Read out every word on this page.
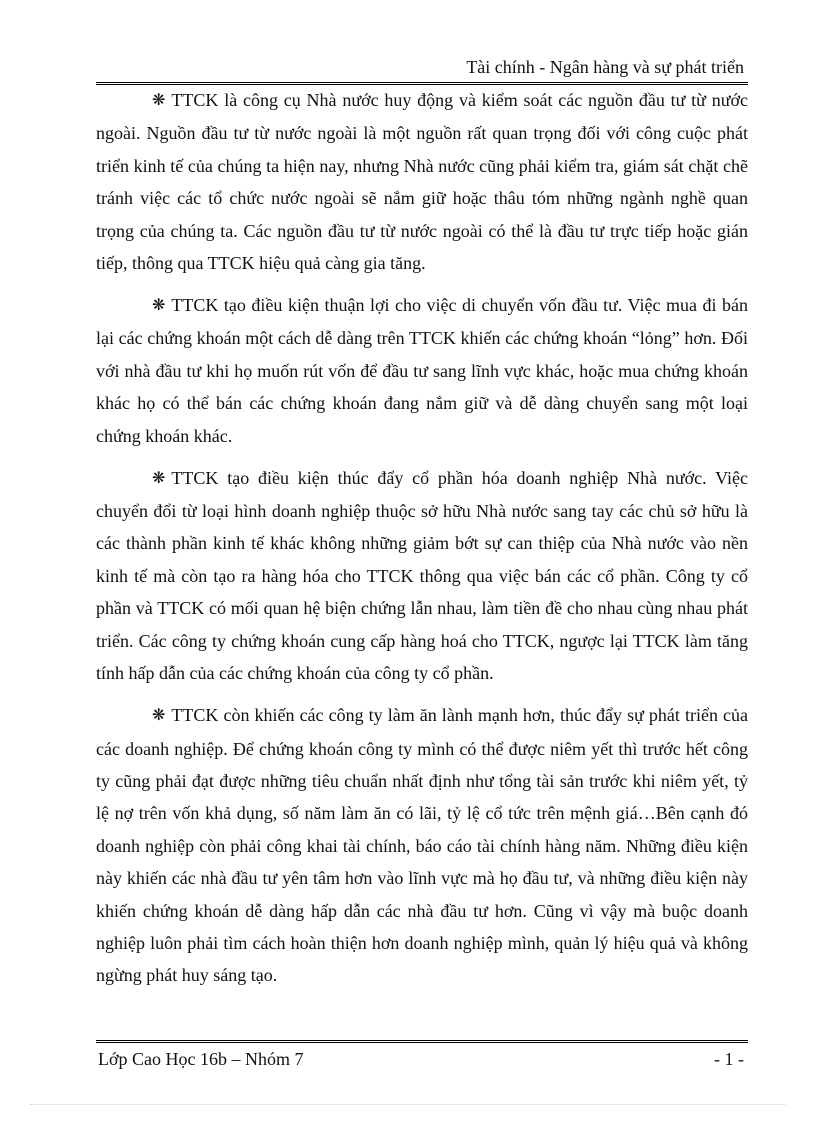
Tài chính - Ngân hàng và sự phát triển

❋ TTCK là công cụ Nhà nước huy động và kiểm soát các nguồn đầu tư từ nước ngoài. Nguồn đầu tư từ nước ngoài là một nguồn rất quan trọng đối với công cuộc phát triển kinh tế của chúng ta hiện nay, nhưng Nhà nước cũng phải kiểm tra, giám sát chặt chẽ tránh việc các tổ chức nước ngoài sẽ nắm giữ hoặc thâu tóm những ngành nghề quan trọng của chúng ta. Các nguồn đầu tư từ nước ngoài có thể là đầu tư trực tiếp hoặc gián tiếp, thông qua TTCK hiệu quả càng gia tăng.

❋ TTCK tạo điều kiện thuận lợi cho việc di chuyển vốn đầu tư. Việc mua đi bán lại các chứng khoán một cách dễ dàng trên TTCK khiến các chứng khoán “lỏng” hơn. Đối với nhà đầu tư khi họ muốn rút vốn để đầu tư sang lĩnh vực khác, hoặc mua chứng khoán khác họ có thể bán các chứng khoán đang nắm giữ và dễ dàng chuyển sang một loại chứng khoán khác.

❋ TTCK tạo điều kiện thúc đẩy cổ phần hóa doanh nghiệp Nhà nước. Việc chuyển đổi từ loại hình doanh nghiệp thuộc sở hữu Nhà nước sang tay các chủ sở hữu là các thành phần kinh tế khác không những giảm bớt sự can thiệp của Nhà nước vào nền kinh tế mà còn tạo ra hàng hóa cho TTCK thông qua việc bán các cổ phần. Công ty cổ phần và TTCK có mối quan hệ biện chứng lẫn nhau, làm tiền đề cho nhau cùng nhau phát triển. Các công ty chứng khoán cung cấp hàng hoá cho TTCK, ngược lại TTCK làm tăng tính hấp dẫn của các chứng khoán của công ty cổ phần.

❋ TTCK còn khiến các công ty làm ăn lành mạnh hơn, thúc đẩy sự phát triển của các doanh nghiệp. Để chứng khoán công ty mình có thể được niêm yết thì trước hết công ty cũng phải đạt được những tiêu chuẩn nhất định như tổng tài sản trước khi niêm yết, tỷ lệ nợ trên vốn khả dụng, số năm làm ăn có lãi, tỷ lệ cổ tức trên mệnh giá…Bên cạnh đó doanh nghiệp còn phải công khai tài chính, báo cáo tài chính hàng năm. Những điều kiện này khiến các nhà đầu tư yên tâm hơn vào lĩnh vực mà họ đầu tư, và những điều kiện này khiến chứng khoán dễ dàng hấp dẫn các nhà đầu tư hơn. Cũng vì vậy mà buộc doanh nghiệp luôn phải tìm cách hoàn thiện hơn doanh nghiệp mình, quản lý hiệu quả và không ngừng phát huy sáng tạo.

Lớp Cao Học 16b – Nhóm 7	- 1 -
